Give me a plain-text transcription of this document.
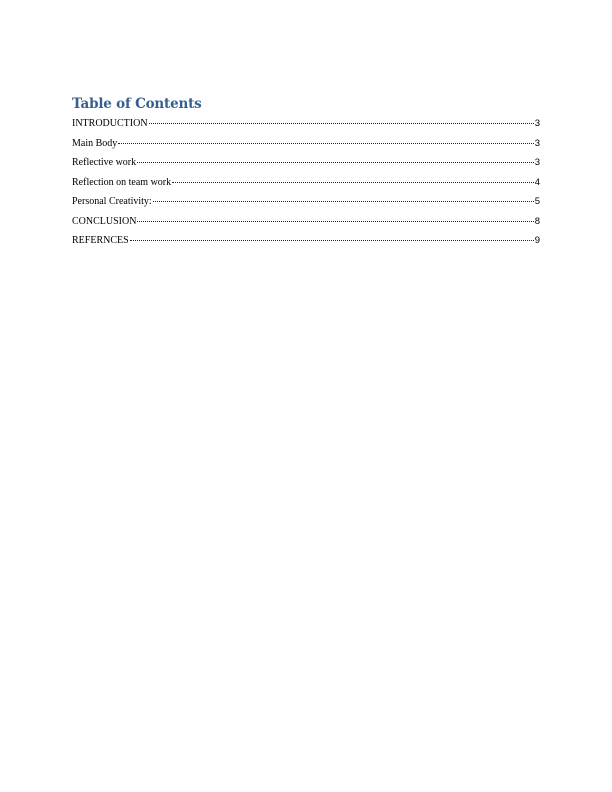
Table of Contents
INTRODUCTION	3
Main Body	3
Reflective work	3
Reflection on team work	4
Personal Creativity:	5
CONCLUSION	8
REFERNCES	9
